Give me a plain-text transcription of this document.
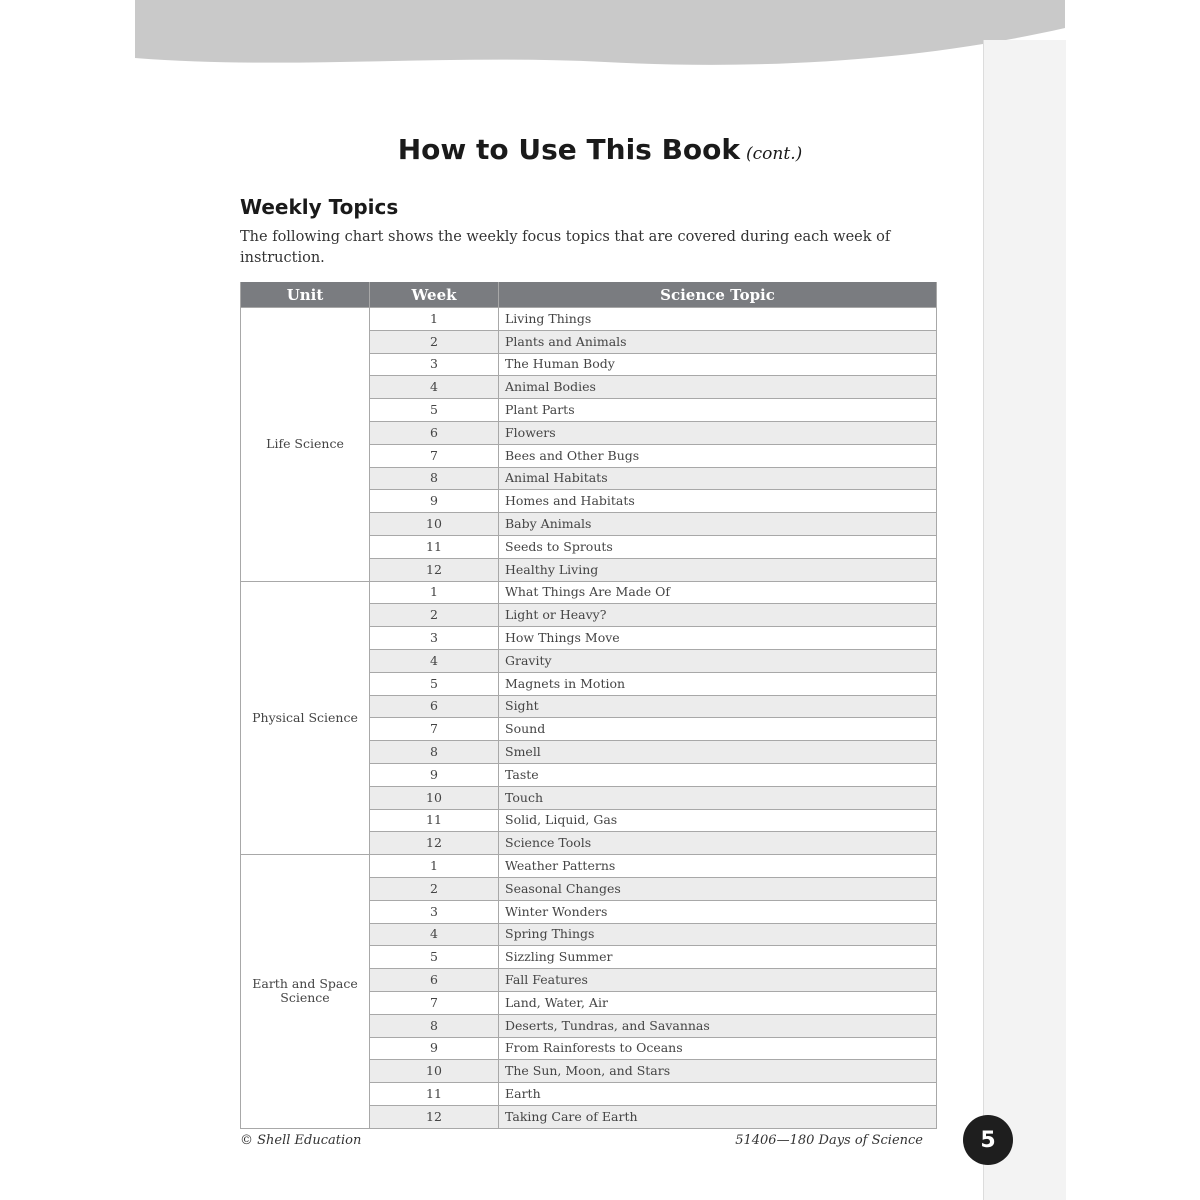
How to Use This Book (cont.)
Weekly Topics
The following chart shows the weekly focus topics that are covered during each week of instruction.
Unit	Week	Science Topic
Life Science	1	Living Things
	2	Plants and Animals
	3	The Human Body
	4	Animal Bodies
	5	Plant Parts
	6	Flowers
	7	Bees and Other Bugs
	8	Animal Habitats
	9	Homes and Habitats
	10	Baby Animals
	11	Seeds to Sprouts
	12	Healthy Living
Physical Science	1	What Things Are Made Of
	2	Light or Heavy?
	3	How Things Move
	4	Gravity
	5	Magnets in Motion
	6	Sight
	7	Sound
	8	Smell
	9	Taste
	10	Touch
	11	Solid, Liquid, Gas
	12	Science Tools
Earth and Space Science	1	Weather Patterns
	2	Seasonal Changes
	3	Winter Wonders
	4	Spring Things
	5	Sizzling Summer
	6	Fall Features
	7	Land, Water, Air
	8	Deserts, Tundras, and Savannas
	9	From Rainforests to Oceans
	10	The Sun, Moon, and Stars
	11	Earth
	12	Taking Care of Earth
© Shell Education	51406—180 Days of Science	5
